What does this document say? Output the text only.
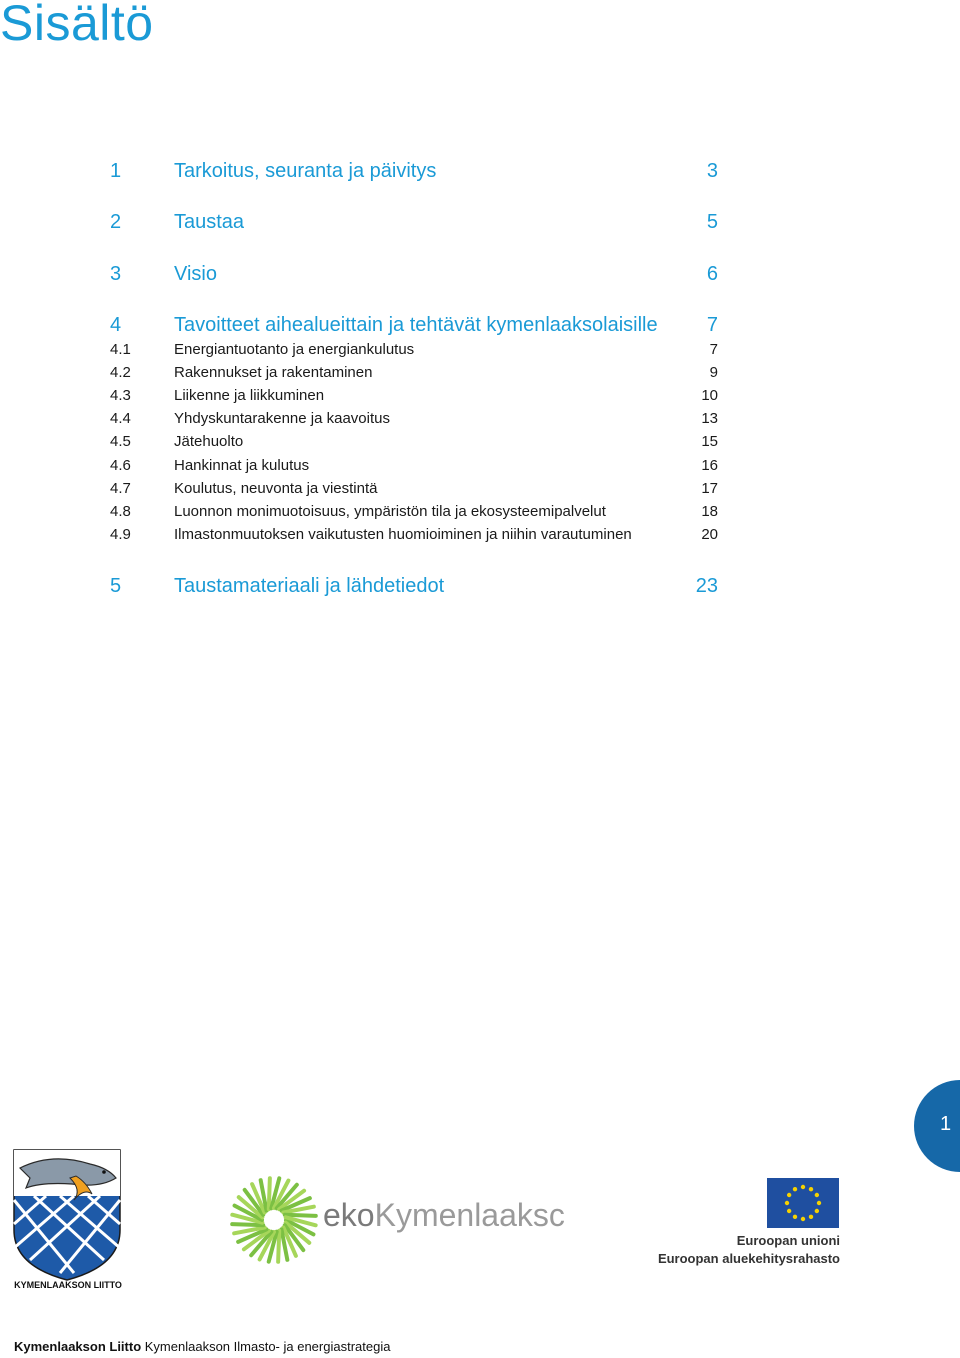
Sisältö
1	Tarkoitus, seuranta ja päivitys	3
2	Taustaa	5
3	Visio	6
4	Tavoitteet aihealueittain ja tehtävät kymenlaaksolaisille 7
4.1	Energiantuotanto ja energiankulutus	7
4.2	Rakennukset ja rakentaminen	9
4.3	Liikenne ja liikkuminen	10
4.4	Yhdyskuntarakenne ja kaavoitus	13
4.5	Jätehuolto	15
4.6	Hankinnat ja kulutus	16
4.7	Koulutus, neuvonta ja viestintä	17
4.8	Luonnon monimuotoisuus, ympäristön tila ja ekosysteemipalvelut	18
4.9	Ilmastonmuutoksen vaikutusten huomioiminen ja niihin varautuminen	20
5	Taustamateriaali ja lähdetiedot	23
1
KYMENLAAKSON LIITTO
ekoKymenlaaksc
Euroopan unioni
Euroopan aluekehitysrahasto
Kymenlaakson Liitto Kymenlaakson Ilmasto- ja energiastrategia
